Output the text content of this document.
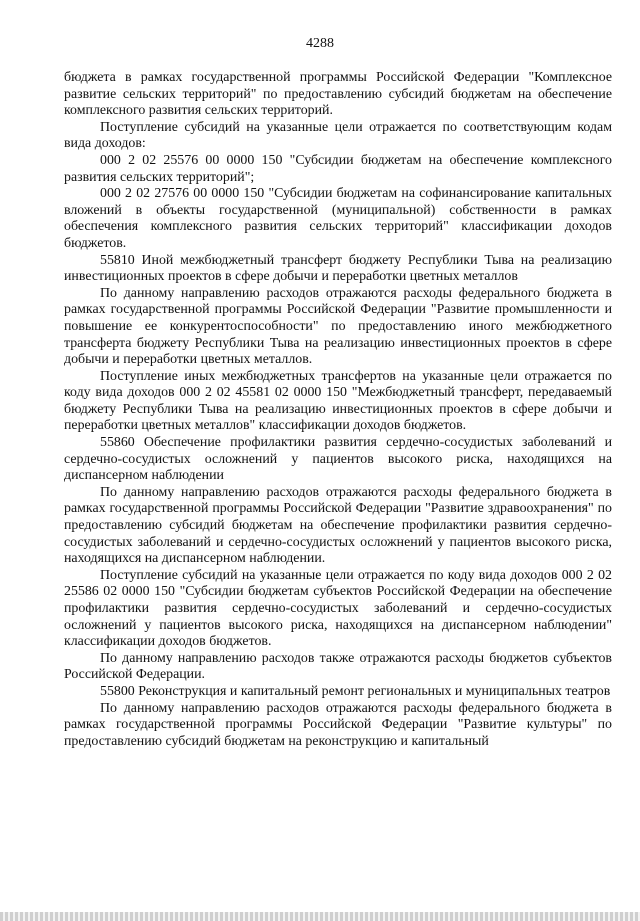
4288

бюджета в рамках государственной программы Российской Федерации "Комплексное развитие сельских территорий" по предоставлению субсидий бюджетам на обеспечение комплексного развития сельских территорий.

Поступление субсидий на указанные цели отражается по соответствующим кодам вида доходов:

000 2 02 25576 00 0000 150 "Субсидии бюджетам на обеспечение комплексного развития сельских территорий";

000 2 02 27576 00 0000 150 "Субсидии бюджетам на софинансирование капитальных вложений в объекты государственной (муниципальной) собственности в рамках обеспечения комплексного развития сельских территорий" классификации доходов бюджетов.

55810 Иной межбюджетный трансферт бюджету Республики Тыва на реализацию инвестиционных проектов в сфере добычи и переработки цветных металлов

По данному направлению расходов отражаются расходы федерального бюджета в рамках государственной программы Российской Федерации "Развитие промышленности и повышение ее конкурентоспособности" по предоставлению иного межбюджетного трансферта бюджету Республики Тыва на реализацию инвестиционных проектов в сфере добычи и переработки цветных металлов.

Поступление иных межбюджетных трансфертов на указанные цели отражается по коду вида доходов 000 2 02 45581 02 0000 150 "Межбюджетный трансферт, передаваемый бюджету Республики Тыва на реализацию инвестиционных проектов в сфере добычи и переработки цветных металлов" классификации доходов бюджетов.

55860 Обеспечение профилактики развития сердечно-сосудистых заболеваний и сердечно-сосудистых осложнений у пациентов высокого риска, находящихся на диспансерном наблюдении

По данному направлению расходов отражаются расходы федерального бюджета в рамках государственной программы Российской Федерации "Развитие здравоохранения" по предоставлению субсидий бюджетам на обеспечение профилактики развития сердечно-сосудистых заболеваний и сердечно-сосудистых осложнений у пациентов высокого риска, находящихся на диспансерном наблюдении.

Поступление субсидий на указанные цели отражается по коду вида доходов 000 2 02 25586 02 0000 150 "Субсидии бюджетам субъектов Российской Федерации на обеспечение профилактики развития сердечно-сосудистых заболеваний и сердечно-сосудистых осложнений у пациентов высокого риска, находящихся на диспансерном наблюдении" классификации доходов бюджетов.

По данному направлению расходов также отражаются расходы бюджетов субъектов Российской Федерации.

55800 Реконструкция и капитальный ремонт региональных и муниципальных театров

По данному направлению расходов отражаются расходы федерального бюджета в рамках государственной программы Российской Федерации "Развитие культуры" по предоставлению субсидий бюджетам на реконструкцию и капитальный
